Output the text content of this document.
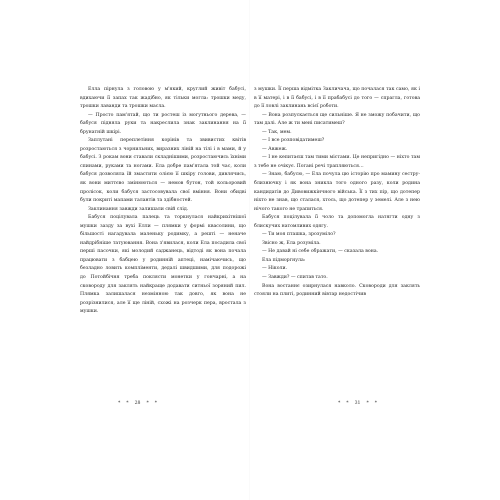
Елла пірнула з головою у м'який, круглий живіт бабусі, вдихаючи її запах так жадібно, як тільки могла: трошки меду, трошки лаванди та трошки масла.

— Просто пам'ятай, що ти ростеш із могутнього дерева, — бабуся підняла руки та накреслила знак заклинання на її брунатній шкірі.

Заплутані переплетіння корінів та звивистих квітів розростаються з чорнильних, виразних ліній на тілі і в мами, й у бабусі. З рокам вони ставали складнішими, розростаючись їхніми спинами, руками та ногами. Ела добре пам'ятала той час, коли бабуся дозволяла їй змастити олією її шкіру голови, дивлячись, як вони миттєво змінюються — немов бутон, той кольоровий пролісок, коли бабуся застосовувала свої вміння. Вони обидві були покриті мапами талантів та здібностей.

Заклинання завжди залишали свій слід.

Бабуся поцілувала палець та торкнулася найкрихітнішої мушки зазду за вухі Елли — плямки у формі квасолини, що більшості нагадувала маленьку родимку, а решті — неначе найдрібніше татуювання. Вона з'явилася, коли Ела посадила свої перші пасочки, які молодий саджанець, відтоді як вона почала працювати з бабцею у родинній аптеці, намічаючись, що безладно ловить компліменти, дедалі швидшими, для подорожі до Потойбічня треба поклясти монетки у гончарні, а на сковороду для заклять найкраще додавати ситньої зоряний пил. Плямка залишалася незмінною так довго, як вона не розрізнилися, але її ще ліній, схожі на розчерк пера, вростала з мушки.

* * 28 * *

з мушки. Її перша відмітка Закличача, що почалася так само, як і в її матері, і в її бабусі, і в її прабабусі до того — спрагла, готова до її ловлі заклинань всієї роботи.

— Вона розпускається ще сильніше. Я не зможу побачити, що там далі. Але ж ти мені писатимеш?

— Так, мем.

— І все розповідатимеш?

— Авжеж.

— І не кепитаєш там тими містами. Це непригідно — ніхто там з тебе не очікує. Погані речі трапляються…

— Знаю, бабусю, — Ела почула цю історію про мамину сестру-близнючку і як вона зникла того одного разу, коли родина кандидатів до Дивовижкінчного війська. Її з тих пір, що дотепер ніхто не знав, що сталася, хтось, що дотепер у земелі. Але з нею нічого такого не трапиться.

Бабуся поцілувала її чоло та допомогла натягти одну з блискучих натомливих одягу.

— Ти моя пташка, зрозуміло?

Звісно ж, Ела розуміла.

— Не давай ні себе ображати, — сказала вона.

Ела підморгнула:

— Ніколи.

— Завжди? — спитав тато.

Вона востаннє озирнулася навколо. Сковороди для заклять стояли на плиті, родинний вівтар недостічив

* * 31 * *
